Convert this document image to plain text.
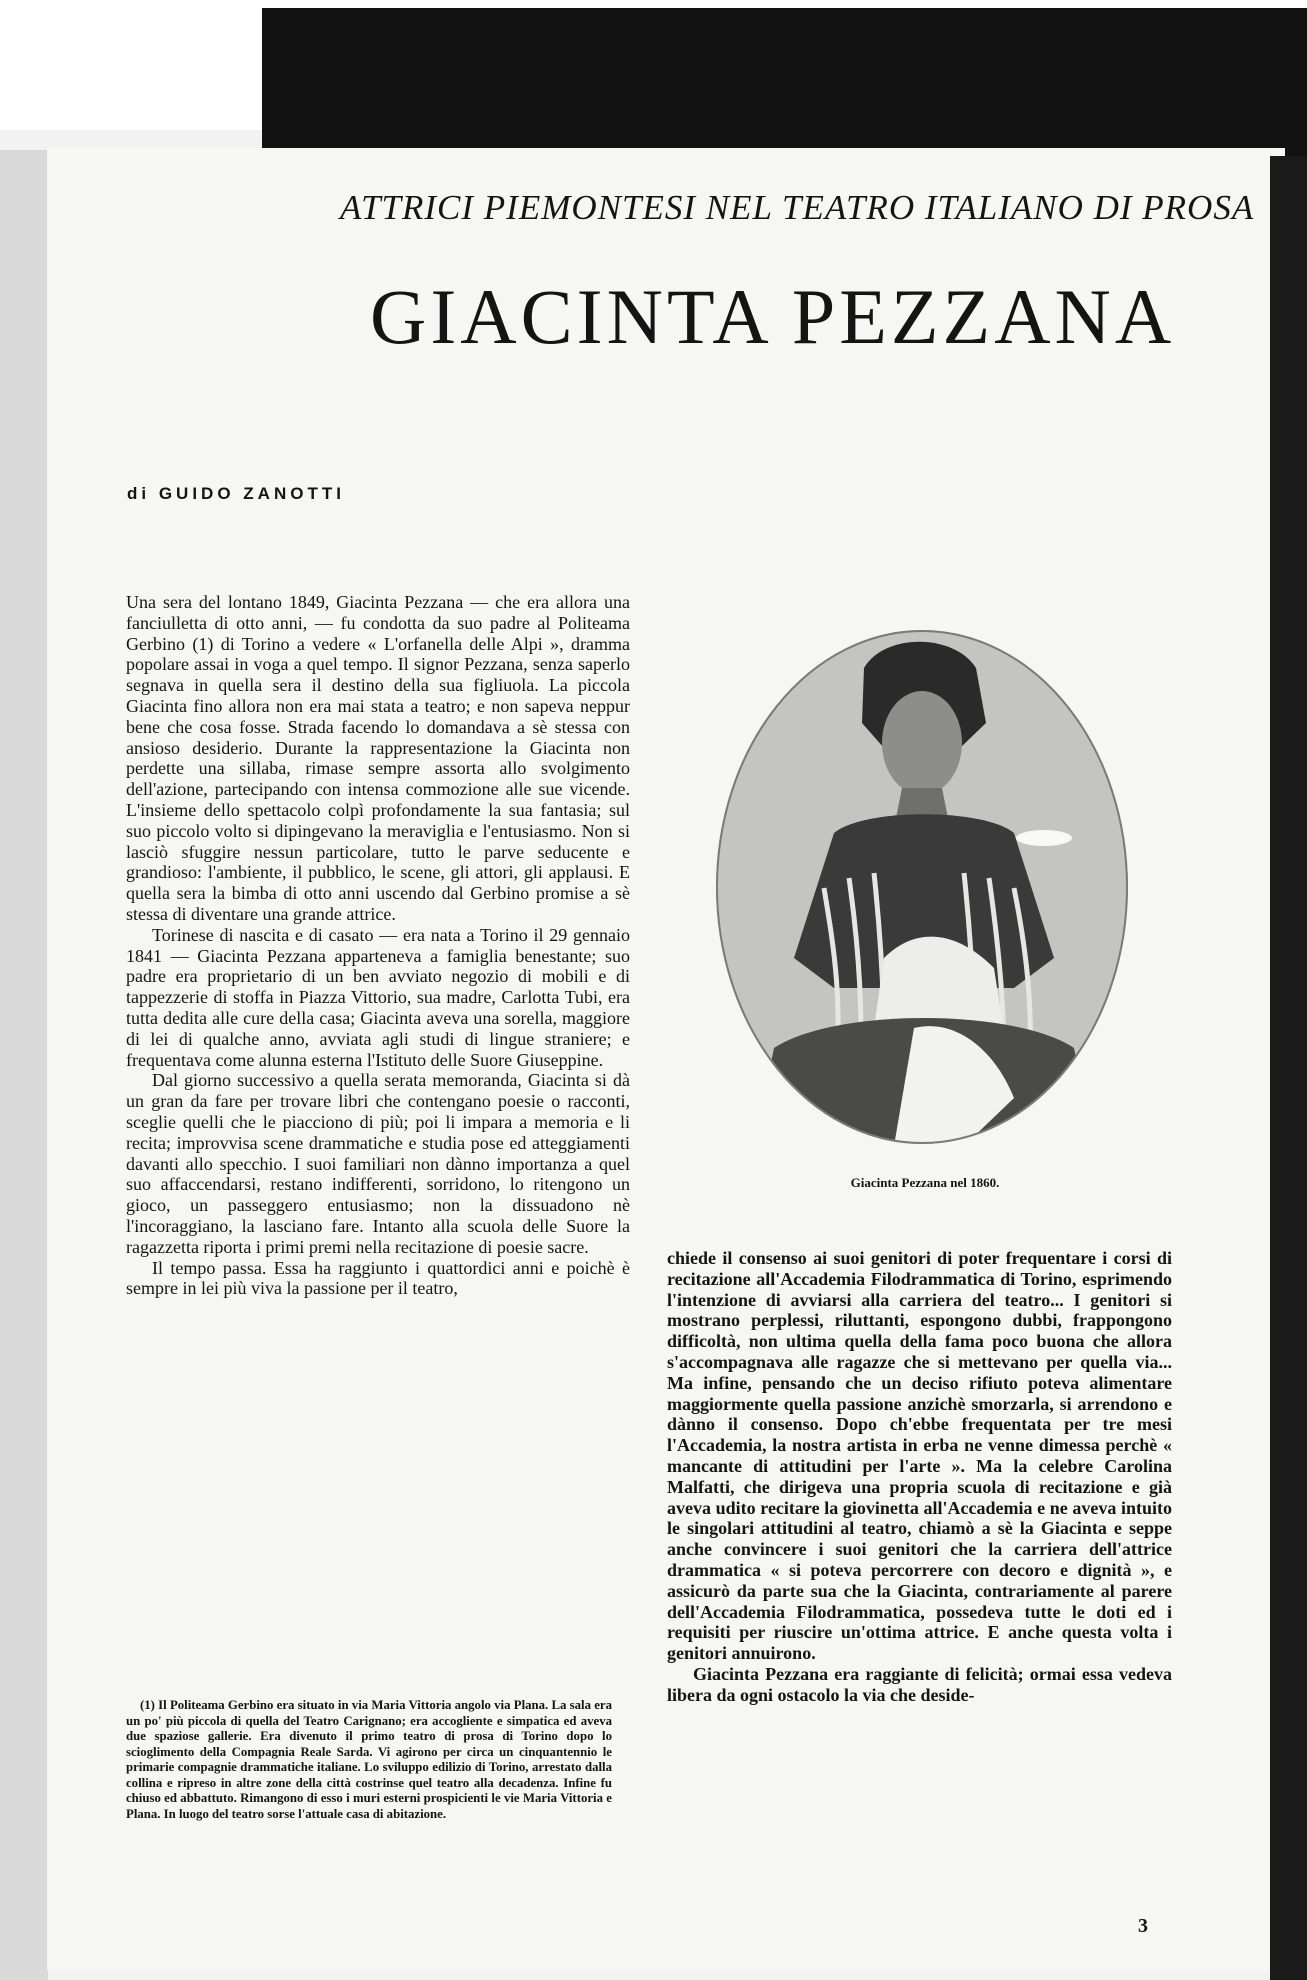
ATTRICI PIEMONTESI NEL TEATRO ITALIANO DI PROSA
GIACINTA PEZZANA
di GUIDO ZANOTTI

Una sera del lontano 1849, Giacinta Pezzana — che era allora una fanciulletta di otto anni, — fu condotta da suo padre al Politeama Gerbino (1) di Torino a vedere « L'orfanella delle Alpi », dramma popolare assai in voga a quel tempo. Il signor Pezzana, senza saperlo segnava in quella sera il destino della sua figliuola. La piccola Giacinta fino allora non era mai stata a teatro; e non sapeva neppur bene che cosa fosse. Strada facendo lo domandava a sè stessa con ansioso desiderio. Durante la rappresentazione la Giacinta non perdette una sillaba, rimase sempre assorta allo svolgimento dell'azione, partecipando con intensa commozione alle sue vicende. L'insieme dello spettacolo colpì profondamente la sua fantasia; sul suo piccolo volto si dipingevano la meraviglia e l'entusiasmo. Non si lasciò sfuggire nessun particolare, tutto le parve seducente e grandioso: l'ambiente, il pubblico, le scene, gli attori, gli applausi. E quella sera la bimba di otto anni uscendo dal Gerbino promise a sè stessa di diventare una grande attrice.

Torinese di nascita e di casato — era nata a Torino il 29 gennaio 1841 — Giacinta Pezzana apparteneva a famiglia benestante; suo padre era proprietario di un ben avviato negozio di mobili e di tappezzerie di stoffa in Piazza Vittorio, sua madre, Carlotta Tubi, era tutta dedita alle cure della casa; Giacinta aveva una sorella, maggiore di lei di qualche anno, avviata agli studi di lingue straniere; e frequentava come alunna esterna l'Istituto delle Suore Giuseppine.

Dal giorno successivo a quella serata memoranda, Giacinta si dà un gran da fare per trovare libri che contengano poesie o racconti, sceglie quelli che le piacciono di più; poi li impara a memoria e li recita; improvvisa scene drammatiche e studia pose ed atteggiamenti davanti allo specchio. I suoi familiari non dànno importanza a quel suo affaccendarsi, restano indifferenti, sorridono, lo ritengono un gioco, un passeggero entusiasmo; non la dissuadono nè l'incoraggiano, la lasciano fare. Intanto alla scuola delle Suore la ragazzetta riporta i primi premi nella recitazione di poesie sacre.

Il tempo passa. Essa ha raggiunto i quattordici anni e poichè è sempre in lei più viva la passione per il teatro,

(1) Il Politeama Gerbino era situato in via Maria Vittoria angolo via Plana. La sala era un po' più piccola di quella del Teatro Carignano; era accogliente e simpatica ed aveva due spaziose gallerie. Era divenuto il primo teatro di prosa di Torino dopo lo scioglimento della Compagnia Reale Sarda. Vi agirono per circa un cinquantennio le primarie compagnie drammatiche italiane. Lo sviluppo edilizio di Torino, arrestato dalla collina e ripreso in altre zone della città costrinse quel teatro alla decadenza. Infine fu chiuso ed abbattuto. Rimangono di esso i muri esterni prospicienti le vie Maria Vittoria e Plana. In luogo del teatro sorse l'attuale casa di abitazione.

Giacinta Pezzana nel 1860.

chiede il consenso ai suoi genitori di poter frequentare i corsi di recitazione all'Accademia Filodrammatica di Torino, esprimendo l'intenzione di avviarsi alla carriera del teatro... I genitori si mostrano perplessi, riluttanti, espongono dubbi, frappongono difficoltà, non ultima quella della fama poco buona che allora s'accompagnava alle ragazze che si mettevano per quella via... Ma infine, pensando che un deciso rifiuto poteva alimentare maggiormente quella passione anzichè smorzarla, si arrendono e dànno il consenso. Dopo ch'ebbe frequentata per tre mesi l'Accademia, la nostra artista in erba ne venne dimessa perchè « mancante di attitudini per l'arte ». Ma la celebre Carolina Malfatti, che dirigeva una propria scuola di recitazione e già aveva udito recitare la giovinetta all'Accademia e ne aveva intuito le singolari attitudini al teatro, chiamò a sè la Giacinta e seppe anche convincere i suoi genitori che la carriera dell'attrice drammatica « si poteva percorrere con decoro e dignità », e assicurò da parte sua che la Giacinta, contrariamente al parere dell'Accademia Filodrammatica, possedeva tutte le doti ed i requisiti per riuscire un'ottima attrice. E anche questa volta i genitori annuirono.

Giacinta Pezzana era raggiante di felicità; ormai essa vedeva libera da ogni ostacolo la via che deside-

3
